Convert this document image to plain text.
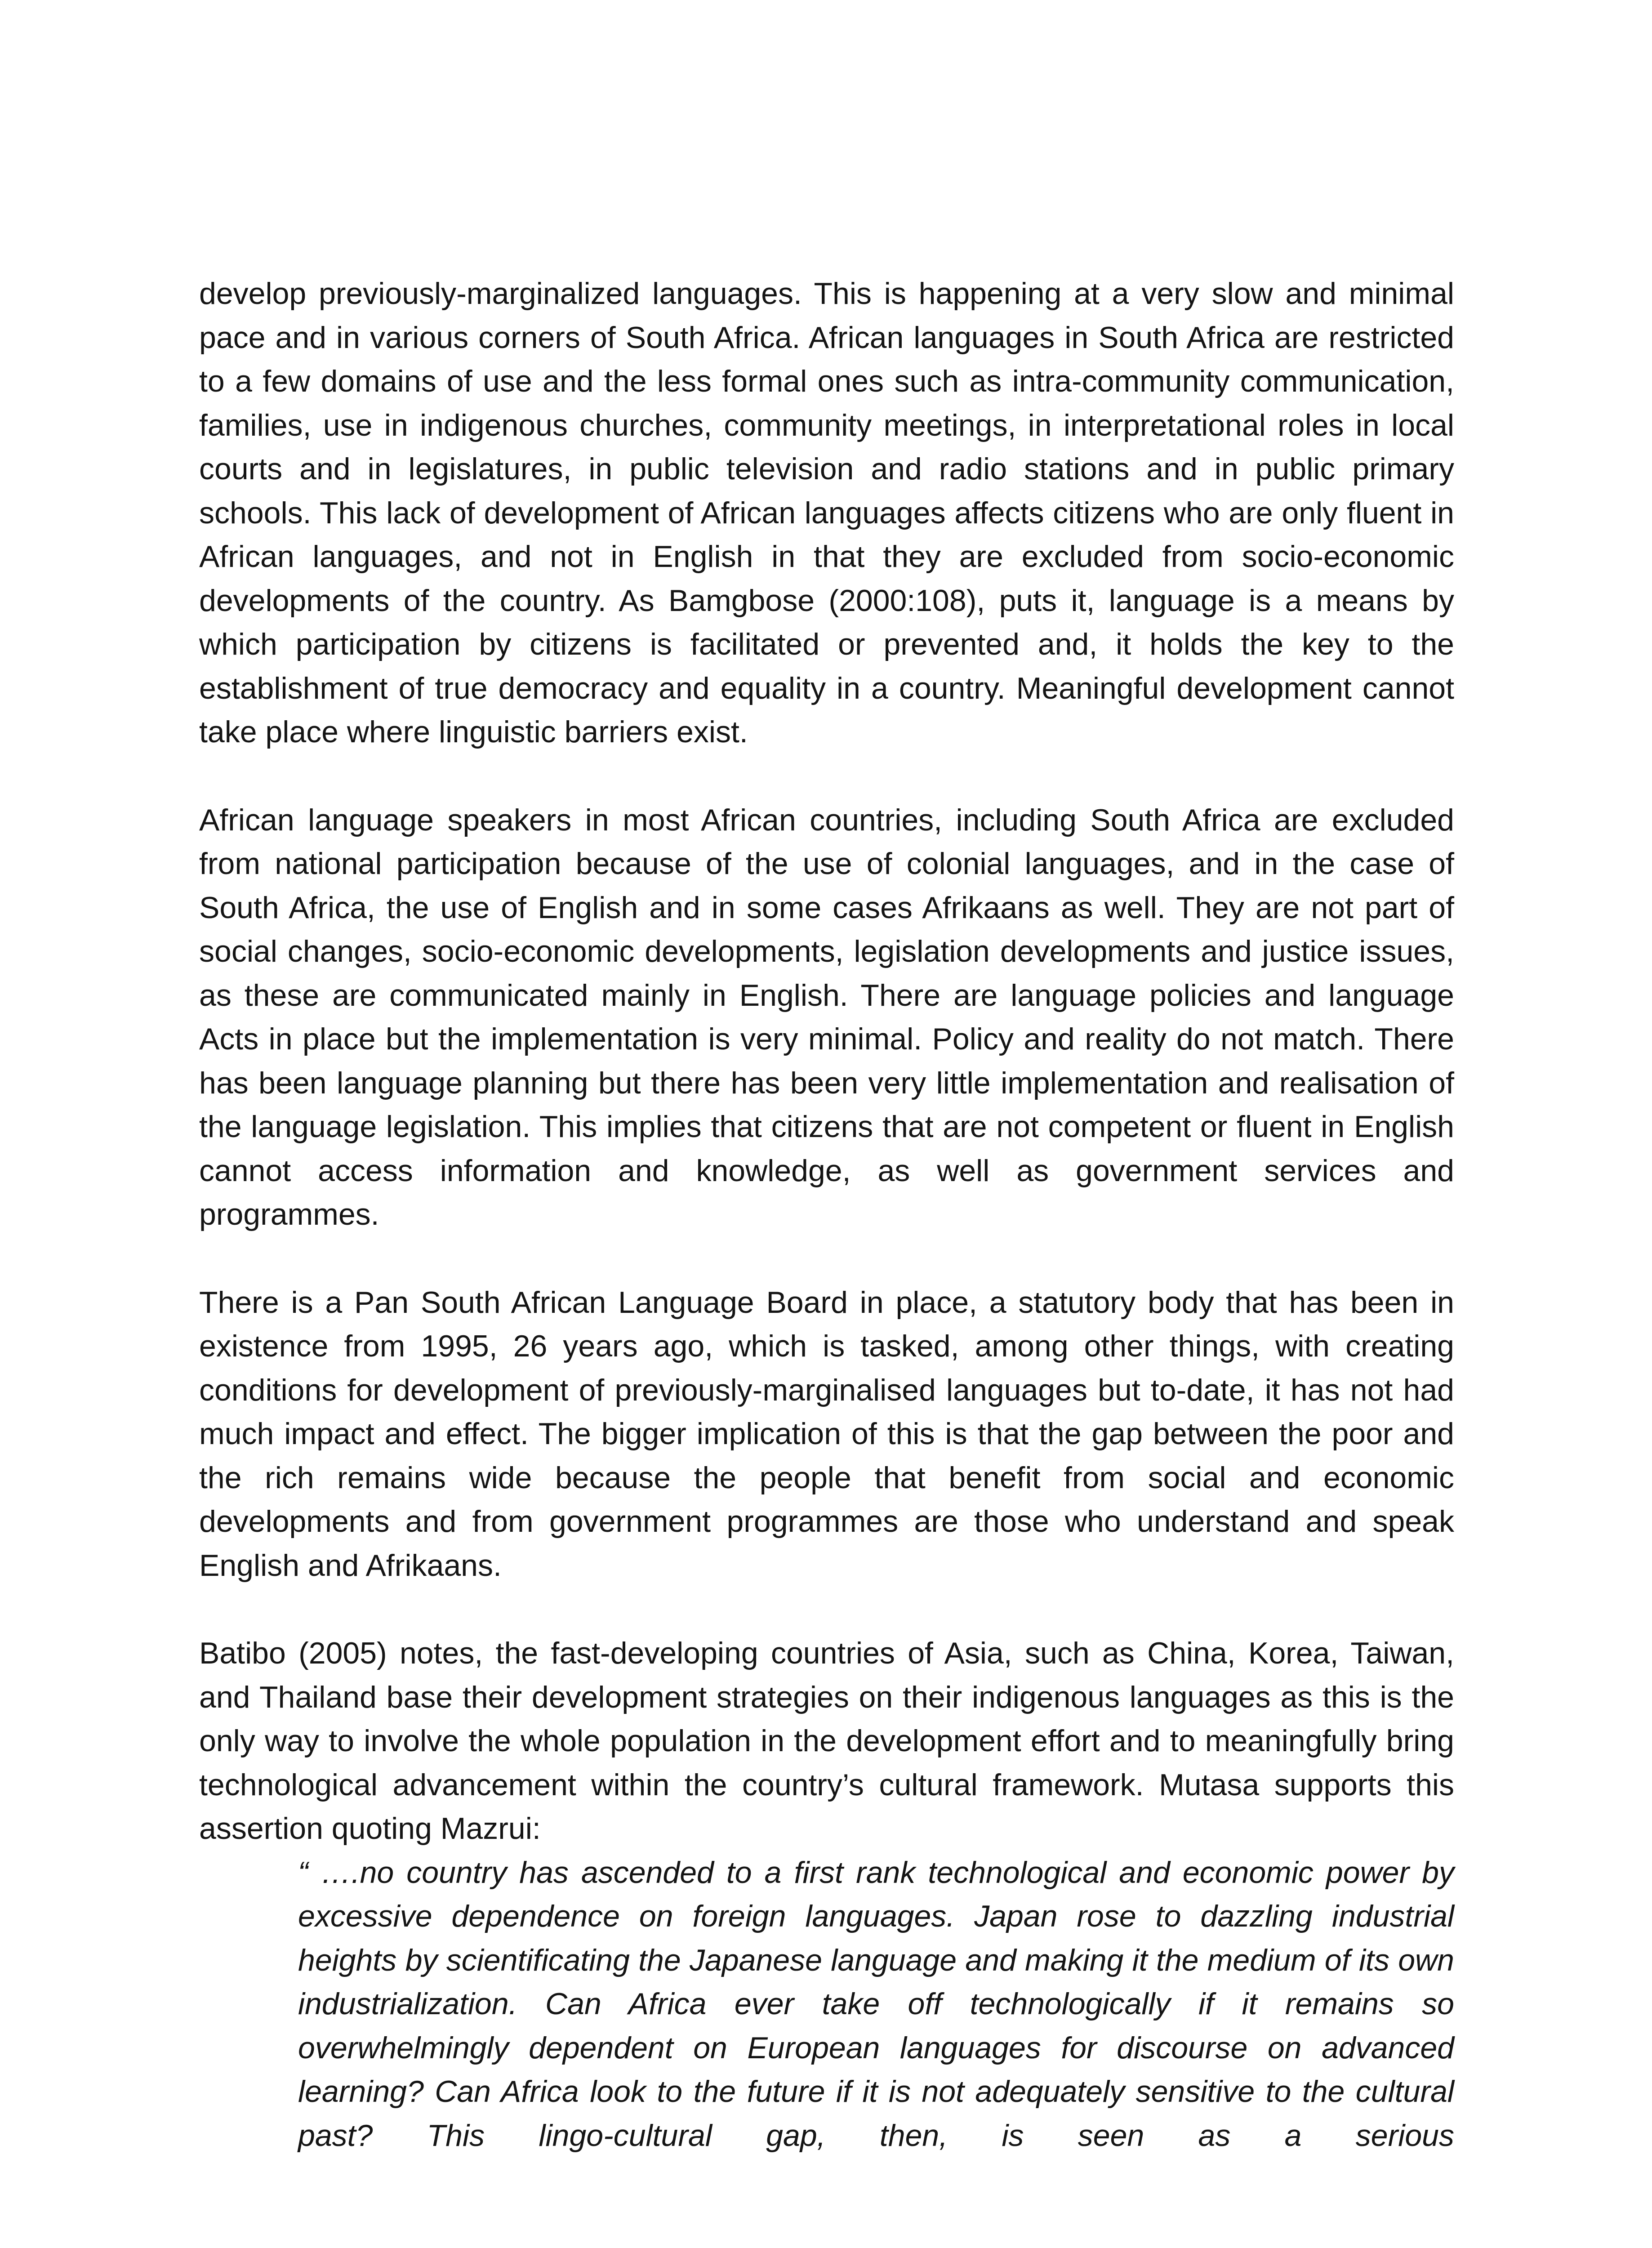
develop previously-marginalized languages. This is happening at a very slow and minimal pace and in various corners of South Africa. African languages in South Africa are restricted to a few domains of use and the less formal ones such as intra-community communication, families, use in indigenous churches, community meetings, in interpretational roles in local courts and in legislatures, in public television and radio stations and in public primary schools. This lack of development of African languages affects citizens who are only fluent in African languages, and not in English in that they are excluded from socio-economic developments of the country. As Bamgbose (2000:108), puts it, language is a means by which participation by citizens is facilitated or prevented and, it holds the key to the establishment of true democracy and equality in a country. Meaningful development cannot take place where linguistic barriers exist.

African language speakers in most African countries, including South Africa are excluded from national participation because of the use of colonial languages, and in the case of South Africa, the use of English and in some cases Afrikaans as well. They are not part of social changes, socio-economic developments, legislation developments and justice issues, as these are communicated mainly in English. There are language policies and language Acts in place but the implementation is very minimal. Policy and reality do not match. There has been language planning but there has been very little implementation and realisation of the language legislation. This implies that citizens that are not competent or fluent in English cannot access information and knowledge, as well as government services and programmes.

There is a Pan South African Language Board in place, a statutory body that has been in existence from 1995, 26 years ago, which is tasked, among other things, with creating conditions for development of previously-marginalised languages but to-date, it has not had much impact and effect. The bigger implication of this is that the gap between the poor and the rich remains wide because the people that benefit from social and economic developments and from government programmes are those who understand and speak English and Afrikaans.

Batibo (2005) notes, the fast-developing countries of Asia, such as China, Korea, Taiwan, and Thailand base their development strategies on their indigenous languages as this is the only way to involve the whole population in the development effort and to meaningfully bring technological advancement within the country’s cultural framework. Mutasa supports this assertion quoting Mazrui:

“ ….no country has ascended to a first rank technological and economic power by excessive dependence on foreign languages. Japan rose to dazzling industrial heights by scientificating the Japanese language and making it the medium of its own industrialization. Can Africa ever take off technologically if it remains so overwhelmingly dependent on European languages for discourse on advanced learning? Can Africa look to the future if it is not adequately sensitive to the cultural past? This lingo-cultural gap, then, is seen as a serious
